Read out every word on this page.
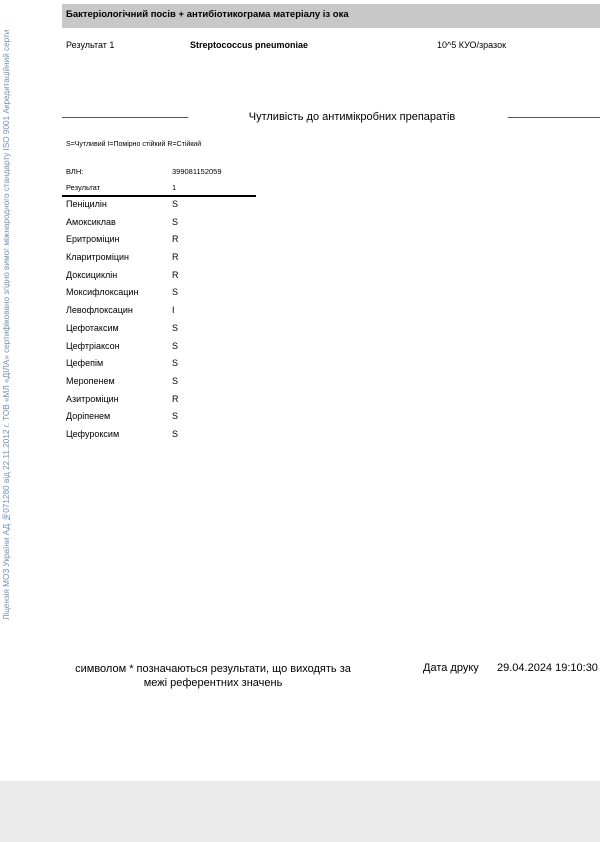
Ліцензія МОЗ України АД №071280 від 22.11.2012 г. ТОВ «МЛ «ДІЛА» сертифіковано згідно вимог міжнародного стандарту ISO 9001 Акредитаційний серти
Бактеріологічний посів + антибіотикограма матеріалу із ока
Результат 1	Streptococcus pneumoniae	10^5 КУО/зразок
Чутливість до антимікробних препаратів
S=Чутливий I=Помірно стійкий R=Стійкий
ВЛН:	399081152059
Результат	1
Пеніцилін	S
Амоксиклав	S
Еритроміцин	R
Кларитроміцин	R
Доксициклін	R
Моксифлоксацин	S
Левофлоксацин	I
Цефотаксим	S
Цефтріаксон	S
Цефепім	S
Меропенем	S
Азитроміцин	R
Доріпенем	S
Цефуроксим	S
символом * позначаються результати, що виходять за межі референтних значень
Дата друку 29.04.2024 19:10:30
